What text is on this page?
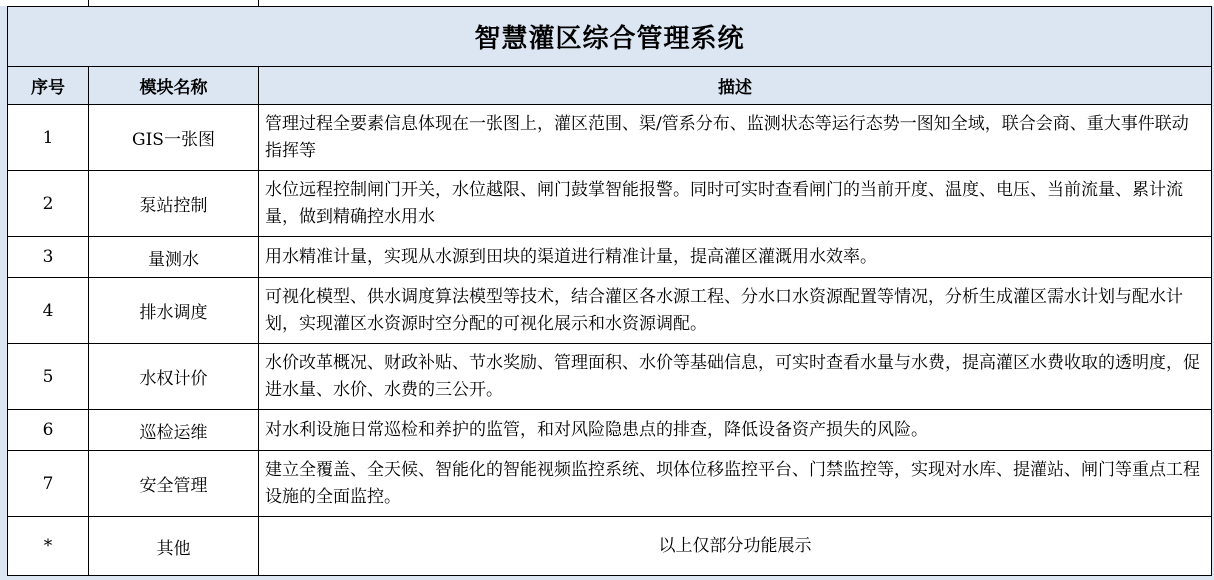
智慧灌区综合管理系统		
序号	模块名称	描述
1	GIS一张图	管理过程全要素信息体现在一张图上，灌区范围、渠/管系分布、监测状态等运行态势一图知全域，联合会商、重大事件联动指挥等
2	泵站控制	水位远程控制闸门开关，水位越限、闸门鼓掌智能报警。同时可实时查看闸门的当前开度、温度、电压、当前流量、累计流量，做到精确控水用水
3	量测水	用水精准计量，实现从水源到田块的渠道进行精准计量，提高灌区灌溉用水效率。
4	排水调度	可视化模型、供水调度算法模型等技术，结合灌区各水源工程、分水口水资源配置等情况，分析生成灌区需水计划与配水计划，实现灌区水资源时空分配的可视化展示和水资源调配。
5	水权计价	水价改革概况、财政补贴、节水奖励、管理面积、水价等基础信息，可实时查看水量与水费，提高灌区水费收取的透明度，促进水量、水价、水费的三公开。
6	巡检运维	对水利设施日常巡检和养护的监管，和对风险隐患点的排查，降低设备资产损失的风险。
7	安全管理	建立全覆盖、全天候、智能化的智能视频监控系统、坝体位移监控平台、门禁监控等，实现对水库、提灌站、闸门等重点工程设施的全面监控。
*	其他	以上仅部分功能展示
